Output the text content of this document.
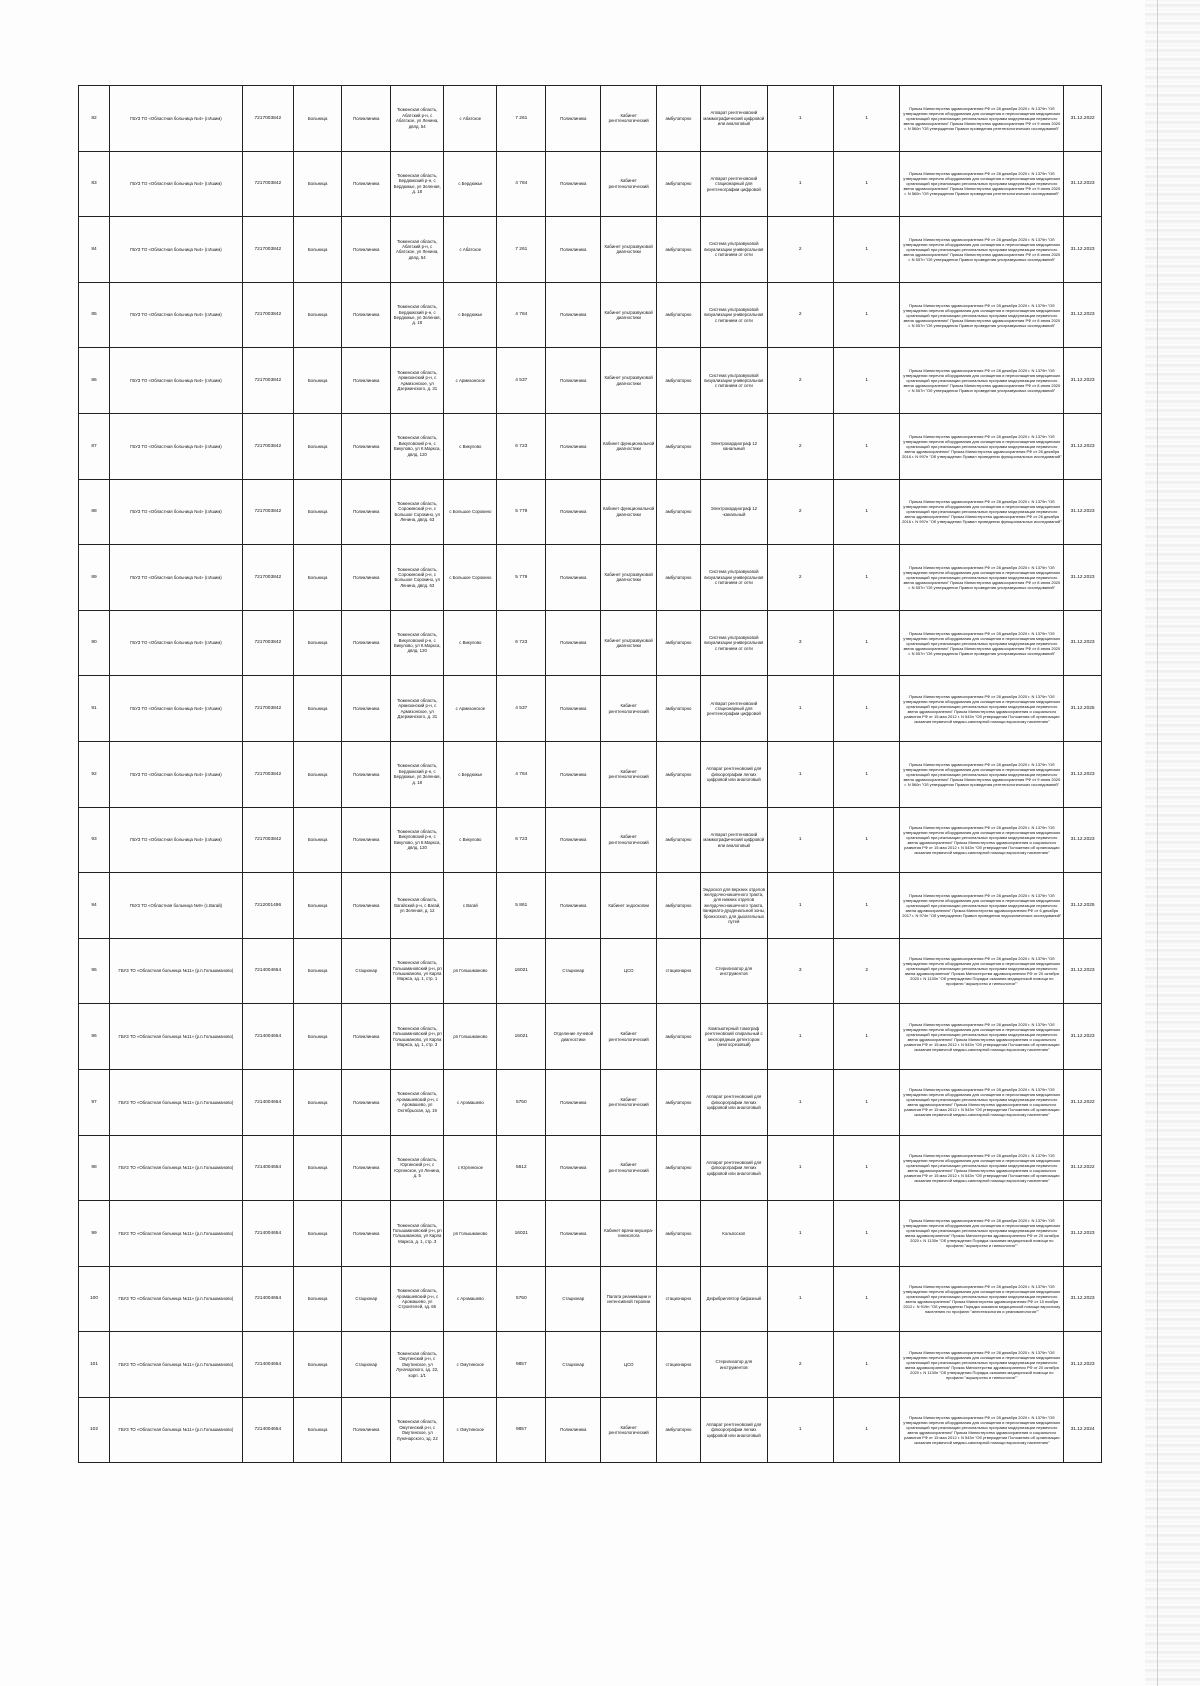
82	ГБУЗ ТО «Областная больница №4» (г.Ишим)	7217003842	Больница	Поликлиника	Тюменская область, Абатский р-н, с Абатское, ул Ленина, двлд. 54	с Абатское	7 261	Поликлиника	Кабинет рентгенологический	амбулаторно	Аппарат рентгеновский маммографический цифровой или аналоговый	1	1	Приказ Министерства здравоохранения РФ от 28 декабря 2020 г. N 1379н "Об утверждении перечня оборудования для оснащения и переоснащения медицинских организаций при реализации региональных программ модернизации первичного звена здравоохранения" Приказ Министерства здравоохранения РФ от 9 июня 2020 г. N 560н "Об утверждении Правил проведения рентгенологических исследований"	31.12.2022
83	ГБУЗ ТО «Областная больница №4» (г.Ишим)	7217003842	Больница	Поликлиника	Тюменская область, Бердюжский р-н, с Бердюжье, ул Зеленая, д. 18	с Бердюжье	4 784	Поликлиника	Кабинет рентгенологический	амбулаторно	Аппарат рентгеновский стационарный для рентгенографии цифровой	1	1	Приказ Министерства здравоохранения РФ от 28 декабря 2020 г. N 1379н "Об утверждении перечня оборудования для оснащения и переоснащения медицинских организаций при реализации региональных программ модернизации первичного звена здравоохранения" Приказ Министерства здравоохранения РФ от 9 июня 2020 г. N 560н "Об утверждении Правил проведения рентгенологических исследований"	31.12.2023
84	ГБУЗ ТО «Областная больница №4» (г.Ишим)	7217003842	Больница	Поликлиника	Тюменская область, Абатский р-н, с Абатское, ул Ленина, двлд. 54	с Абатское	7 261	Поликлиника	Кабинет ультразвуковой диагностики	амбулаторно	Система ультразвуковой визуализации универсальная с питанием от сети	2	1	Приказ Министерства здравоохранения РФ от 28 декабря 2020 г. N 1379н "Об утверждении перечня оборудования для оснащения и переоснащения медицинских организаций при реализации региональных программ модернизации первичного звена здравоохранения" Приказ Министерства здравоохранения РФ от 8 июня 2020 г. N 557н "Об утверждении Правил проведения ультразвуковых исследований"	31.12.2023
85	ГБУЗ ТО «Областная больница №4» (г.Ишим)	7217003842	Больница	Поликлиника	Тюменская область, Бердюжский р-н, с Бердюжье, ул Зеленая, д. 18	с Бердюжье	4 784	Поликлиника	Кабинет ультразвуковой диагностики	амбулаторно	Система ультразвуковой визуализации универсальная с питанием от сети	2	1	Приказ Министерства здравоохранения РФ от 28 декабря 2020 г. N 1379н "Об утверждении перечня оборудования для оснащения и переоснащения медицинских организаций при реализации региональных программ модернизации первичного звена здравоохранения" Приказ Министерства здравоохранения РФ от 8 июня 2020 г. N 557н "Об утверждении Правил проведения ультразвуковых исследований"	31.12.2023
86	ГБУЗ ТО «Областная больница №4» (г.Ишим)	7217003842	Больница	Поликлиника	Тюменская область, Армизонский р-н, с Армизонское, ул Дзержинского, д. 31	с Армизонское	4 537	Поликлиника	Кабинет ультразвуковой диагностики	амбулаторно	Система ультразвуковой визуализации универсальная с питанием от сети	2	1	Приказ Министерства здравоохранения РФ от 28 декабря 2020 г. N 1379н "Об утверждении перечня оборудования для оснащения и переоснащения медицинских организаций при реализации региональных программ модернизации первичного звена здравоохранения" Приказ Министерства здравоохранения РФ от 8 июня 2020 г. N 557н "Об утверждении Правил проведения ультразвуковых исследований"	31.12.2023
87	ГБУЗ ТО «Областная больница №4» (г.Ишим)	7217003842	Больница	Поликлиника	Тюменская область, Викуловский р-н, с Викулово, ул К.Маркса, двлд. 120	с Викулово	6 723	Поликлиника	Кабинет функциональной диагностики	амбулаторно	Электрокардиограф 12 канальный	2	1	Приказ Министерства здравоохранения РФ от 28 декабря 2020 г. N 1379н "Об утверждении перечня оборудования для оснащения и переоснащения медицинских организаций при реализации региональных программ модернизации первичного звена здравоохранения" Приказ Министерства здравоохранения РФ от 26 декабря 2016 г. N 997н "Об утверждении Правил проведения функциональных исследований"	31.12.2023
88	ГБУЗ ТО «Областная больница №4» (г.Ишим)	7217003842	Больница	Поликлиника	Тюменская область, Сорокинский р-н, с Большое Сорокино, ул Ленина, двлд. 63	с Большое Сорокино	5 779	Поликлиника	Кабинет функциональной диагностики	амбулаторно	Электрокардиограф 12 -канальный	2	1	Приказ Министерства здравоохранения РФ от 28 декабря 2020 г. N 1379н "Об утверждении перечня оборудования для оснащения и переоснащения медицинских организаций при реализации региональных программ модернизации первичного звена здравоохранения" Приказ Министерства здравоохранения РФ от 26 декабря 2016 г. N 997н "Об утверждении Правил проведения функциональных исследований"	31.12.2023
89	ГБУЗ ТО «Областная больница №4» (г.Ишим)	7217003842	Больница	Поликлиника	Тюменская область, Сорокинский р-н, с Большое Сорокино, ул Ленина, двлд. 63	с Большое Сорокино	5 779	Поликлиника	Кабинет ультразвуковой диагностики	амбулаторно	Система ультразвуковой визуализации универсальная с питанием от сети	2	1	Приказ Министерства здравоохранения РФ от 28 декабря 2020 г. N 1379н "Об утверждении перечня оборудования для оснащения и переоснащения медицинских организаций при реализации региональных программ модернизации первичного звена здравоохранения" Приказ Министерства здравоохранения РФ от 8 июня 2020 г. N 557н "Об утверждении Правил проведения ультразвуковых исследований"	31.12.2023
90	ГБУЗ ТО «Областная больница №4» (г.Ишим)	7217003842	Больница	Поликлиника	Тюменская область, Викуловский р-н, с Викулово, ул К.Маркса, двлд. 120	с Викулово	6 723	Поликлиника	Кабинет ультразвуковой диагностики	амбулаторно	Система ультразвуковой визуализации универсальная с питанием от сети	3	1	Приказ Министерства здравоохранения РФ от 28 декабря 2020 г. N 1379н "Об утверждении перечня оборудования для оснащения и переоснащения медицинских организаций при реализации региональных программ модернизации первичного звена здравоохранения" Приказ Министерства здравоохранения РФ от 8 июня 2020 г. N 557н "Об утверждении Правил проведения ультразвуковых исследований"	31.12.2023
91	ГБУЗ ТО «Областная больница №4» (г.Ишим)	7217003842	Больница	Поликлиника	Тюменская область, Армизонский р-н, с Армизонское, ул Дзержинского, д. 31	с Армизонское	4 537	Поликлиника	Кабинет рентгенологический	амбулаторно	Аппарат рентгеновский стационарный для рентгенографии цифровой	1	1	Приказ Министерства здравоохранения РФ от 28 декабря 2020 г. N 1379н "Об утверждении перечня оборудования для оснащения и переоснащения медицинских организаций при реализации региональных программ модернизации первичного звена здравоохранения" Приказ Министерства здравоохранения и социального развития РФ от 15 мая 2012 г. N 543н "Об утверждении Положения об организации оказания первичной медико-санитарной помощи взрослому населению"	31.12.2025
92	ГБУЗ ТО «Областная больница №4» (г.Ишим)	7217003842	Больница	Поликлиника	Тюменская область, Бердюжский р-н, с Бердюжье, ул Зеленая, д. 18	с Бердюжье	4 784	Поликлиника	Кабинет рентгенологический	амбулаторно	Аппарат рентгеновский для флюорографии легких цифровой или аналоговый	1	1	Приказ Министерства здравоохранения РФ от 28 декабря 2020 г. N 1379н "Об утверждении перечня оборудования для оснащения и переоснащения медицинских организаций при реализации региональных программ модернизации первичного звена здравоохранения" Приказ Министерства здравоохранения РФ от 9 июня 2020 г. N 560н "Об утверждении Правил проведения рентгенологических исследований"	31.12.2023
93	ГБУЗ ТО «Областная больница №4» (г.Ишим)	7217003842	Больница	Поликлиника	Тюменская область, Викуловский р-н, с Викулово, ул К.Маркса, двлд. 120	с Викулово	6 723	Поликлиника	Кабинет рентгенологический	амбулаторно	Аппарат рентгеновский маммографический цифровой или аналоговый	1	1	Приказ Министерства здравоохранения РФ от 28 декабря 2020 г. N 1379н "Об утверждении перечня оборудования для оснащения и переоснащения медицинских организаций при реализации региональных программ модернизации первичного звена здравоохранения" Приказ Министерства здравоохранения и социального развития РФ от 15 мая 2012 г. N 543н "Об утверждении Положения об организации оказания первичной медико-санитарной помощи взрослому населению"	31.12.2023
94	ГБУЗ ТО «Областная больница №9» (с.Вагай)	7212001496	Больница	Поликлиника	Тюменская область, Вагайский р-н, с Вагай, ул Зеленая, д. 12	с Вагай	5 861	Поликлиника	Кабинет эндоскопии	амбулаторно	Эндоскоп для верхних отделов желудочно-кишечного тракта, для нижних отделов желудочно-кишечного тракта, панкреато-дуоденальной зоны, бронхоскоп, для дыхательных путей	1	1	Приказ Министерства здравоохранения РФ от 28 декабря 2020 г. N 1379н "Об утверждении перечня оборудования для оснащения и переоснащения медицинских организаций при реализации региональных программ модернизации первичного звена здравоохранения" Приказ Министерства здравоохранения РФ от 6 декабря 2017 г. N 974н "Об утверждении Правил проведения эндоскопических исследований"	31.12.2025
95	ГБУЗ ТО «Областная больница №11» (р.п.Голышманово)	7214004654	Больница	Стационар	Тюменская область, Голышмановский р-н, рп Голышманово, ул Карла Маркса, зд. 1, стр. 1	рп Голышманово	16021	Стационар	ЦСО	стационарно	Стерилизатор для инструментов	3	2	Приказ Министерства здравоохранения РФ от 28 декабря 2020 г. N 1379н "Об утверждении перечня оборудования для оснащения и переоснащения медицинских организаций при реализации региональных программ модернизации первичного звена здравоохранения" Приказ Министерства здравоохранения РФ от 20 октября 2020 г. N 1130н "Об утверждении Порядка оказания медицинской помощи по профилю "акушерство и гинекология""	31.12.2023
96	ГБУЗ ТО «Областная больница №11» (р.п.Голышманово)	7214004654	Больница	Поликлиника	Тюменская область, Голышмановский р-н, рп Голышманово, ул Карла Маркса, зд. 1, стр. 3	рп Голышманово	16021	Отделение лучевой диагностики	Кабинет рентгенологический	амбулаторно	Компьютерный томограф рентгеновский спиральный с многорядным детектором (многосрезовый)	1	1	Приказ Министерства здравоохранения РФ от 28 декабря 2020 г. N 1379н "Об утверждении перечня оборудования для оснащения и переоснащения медицинских организаций при реализации региональных программ модернизации первичного звена здравоохранения" Приказ Министерства здравоохранения и социального развития РФ от 15 мая 2012 г. N 543н "Об утверждении Положения об организации оказания первичной медико-санитарной помощи взрослому населению"	31.12.2023
97	ГБУЗ ТО «Областная больница №11» (р.п.Голышманово)	7214004654	Больница	Поликлиника	Тюменская область, Аромашевский р-н, с Аромашево, ул Октябрьская, зд. 19	с Аромашево	5750	Поликлиника	Кабинет рентгенологический	амбулаторно	Аппарат рентгеновский для флюорографии легких цифровой или аналоговый	1	1	Приказ Министерства здравоохранения РФ от 28 декабря 2020 г. N 1379н "Об утверждении перечня оборудования для оснащения и переоснащения медицинских организаций при реализации региональных программ модернизации первичного звена здравоохранения" Приказ Министерства здравоохранения и социального развития РФ от 15 мая 2012 г. N 543н "Об утверждении Положения об организации оказания первичной медико-санитарной помощи взрослому населению"	31.12.2022
98	ГБУЗ ТО «Областная больница №11» (р.п.Голышманово)	7214004654	Больница	Поликлиника	Тюменская область, Юргинский р-н, с Юргинское, ул Ленина, д. 5	с Юргинское	5612	Поликлиника	Кабинет рентгенологический	амбулаторно	Аппарат рентгеновский для флюорографии легких цифровой или аналоговый	1	1	Приказ Министерства здравоохранения РФ от 28 декабря 2020 г. N 1379н "Об утверждении перечня оборудования для оснащения и переоснащения медицинских организаций при реализации региональных программ модернизации первичного звена здравоохранения" Приказ Министерства здравоохранения и социального развития РФ от 15 мая 2012 г. N 543н "Об утверждении Положения об организации оказания первичной медико-санитарной помощи взрослому населению"	31.12.2022
99	ГБУЗ ТО «Областная больница №11» (р.п.Голышманово)	7214004654	Больница	Поликлиника	Тюменская область, Голышмановский р-н, рп Голышманово, ул Карла Маркса, д. 1, стр. 3	рп Голышманово	16021	Поликлиника	Кабинет врача-акушера-гинеколога	амбулаторно	Кольпоскоп	1	1	Приказ Министерства здравоохранения РФ от 28 декабря 2020 г. N 1379н "Об утверждении перечня оборудования для оснащения и переоснащения медицинских организаций при реализации региональных программ модернизации первичного звена здравоохранения" Приказ Министерства здравоохранения РФ от 20 октября 2020 г. N 1130н "Об утверждении Порядка оказания медицинской помощи по профилю "акушерство и гинекология""	31.12.2023
100	ГБУЗ ТО «Областная больница №11» (р.п.Голышманово)	7214004654	Больница	Стационар	Тюменская область, Аромашевский р-н, с Аромашево, ул Строителей, зд. 66	с Аромашево	5750	Стационар	Палата реанимации и интенсивной терапии	стационарно	Дефибриллятор бифазный	1	1	Приказ Министерства здравоохранения РФ от 28 декабря 2020 г. N 1379н "Об утверждении перечня оборудования для оснащения и переоснащения медицинских организаций при реализации региональных программ модернизации первичного звена здравоохранения" Приказ Министерства здравоохранения РФ от 15 ноября 2012 г. N 919н "Об утверждении Порядка оказания медицинской помощи взрослому населению по профилю "анестезиология и реаниматология""	31.12.2023
101	ГБУЗ ТО «Областная больница №11» (р.п.Голышманово)	7214004654	Больница	Стационар	Тюменская область, Омутинский р-н, с Омутинское, ул Луначарского, зд. 22, корп. 1/1	с Омутинское	9857	Стационар	ЦСО	стационарно	Стерилизатор для инструментов	2	1	Приказ Министерства здравоохранения РФ от 28 декабря 2020 г. N 1379н "Об утверждении перечня оборудования для оснащения и переоснащения медицинских организаций при реализации региональных программ модернизации первичного звена здравоохранения" Приказ Министерства здравоохранения РФ от 20 октября 2020 г. N 1130н "Об утверждении Порядка оказания медицинской помощи по профилю "акушерство и гинекология""	31.12.2023
102	ГБУЗ ТО «Областная больница №11» (р.п.Голышманово)	7214004654	Больница	Поликлиника	Тюменская область, Омутинский р-н, с Омутинское, ул Луначарского, зд. 22	с Омутинское	9857	Поликлиника	Кабинет рентгенологический	амбулаторно	Аппарат рентгеновский для флюорографии легких цифровой или аналоговый	1	1	Приказ Министерства здравоохранения РФ от 28 декабря 2020 г. N 1379н "Об утверждении перечня оборудования для оснащения и переоснащения медицинских организаций при реализации региональных программ модернизации первичного звена здравоохранения" Приказ Министерства здравоохранения и социального развития РФ от 15 мая 2012 г. N 543н "Об утверждении Положения об организации оказания первичной медико-санитарной помощи взрослому населению"	31.12.2024
